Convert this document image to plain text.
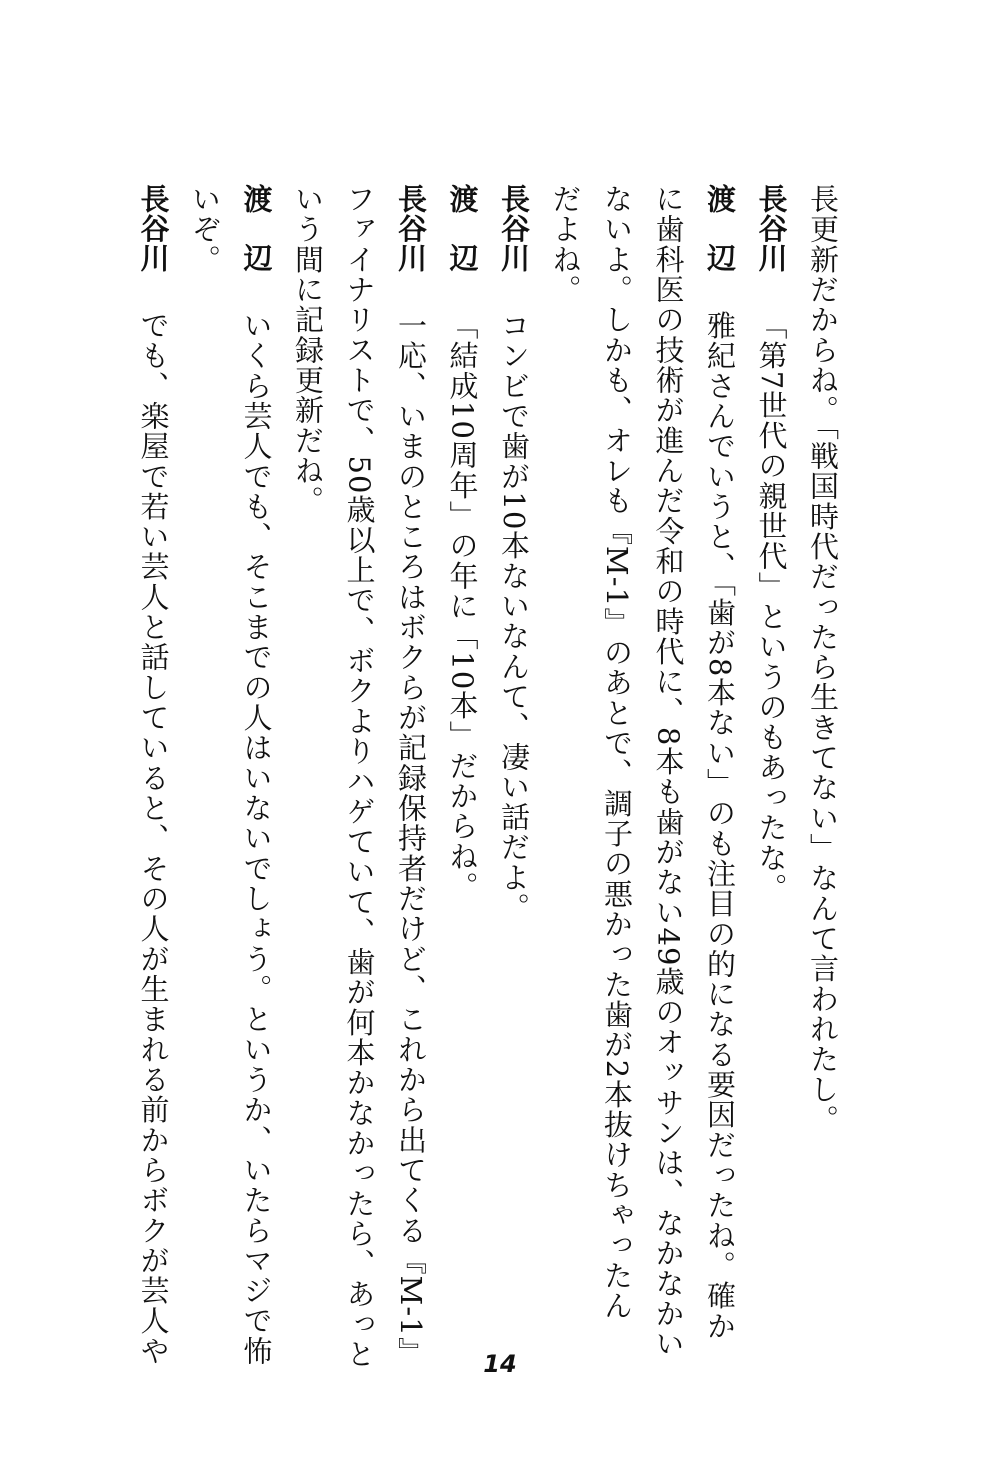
長更新だからね。「戦国時代だったら生きてない」なんて言われたし。
長谷川「第7世代の親世代」というのもあったな。
渡　辺雅紀さんでいうと、「歯が8本ない」のも注目の的になる要因だったね。確か
に歯科医の技術が進んだ令和の時代に、8本も歯がない49歳のオッサンは、なかなかい
ないよ。しかも、オレも『M‐1』のあとで、調子の悪かった歯が2本抜けちゃったん
だよね。
長谷川コンビで歯が10本ないなんて、凄い話だよ。
渡　辺「結成10周年」の年に「10本」だからね。
長谷川一応、いまのところはボクらが記録保持者だけど、これから出てくる『M‐1』
ファイナリストで、50歳以上で、ボクよりハゲていて、歯が何本かなかったら、あっと
いう間に記録更新だね。
渡　辺いくら芸人でも、そこまでの人はいないでしょう。というか、いたらマジで怖
いぞ。
長谷川でも、楽屋で若い芸人と話していると、その人が生まれる前からボクが芸人や	14
